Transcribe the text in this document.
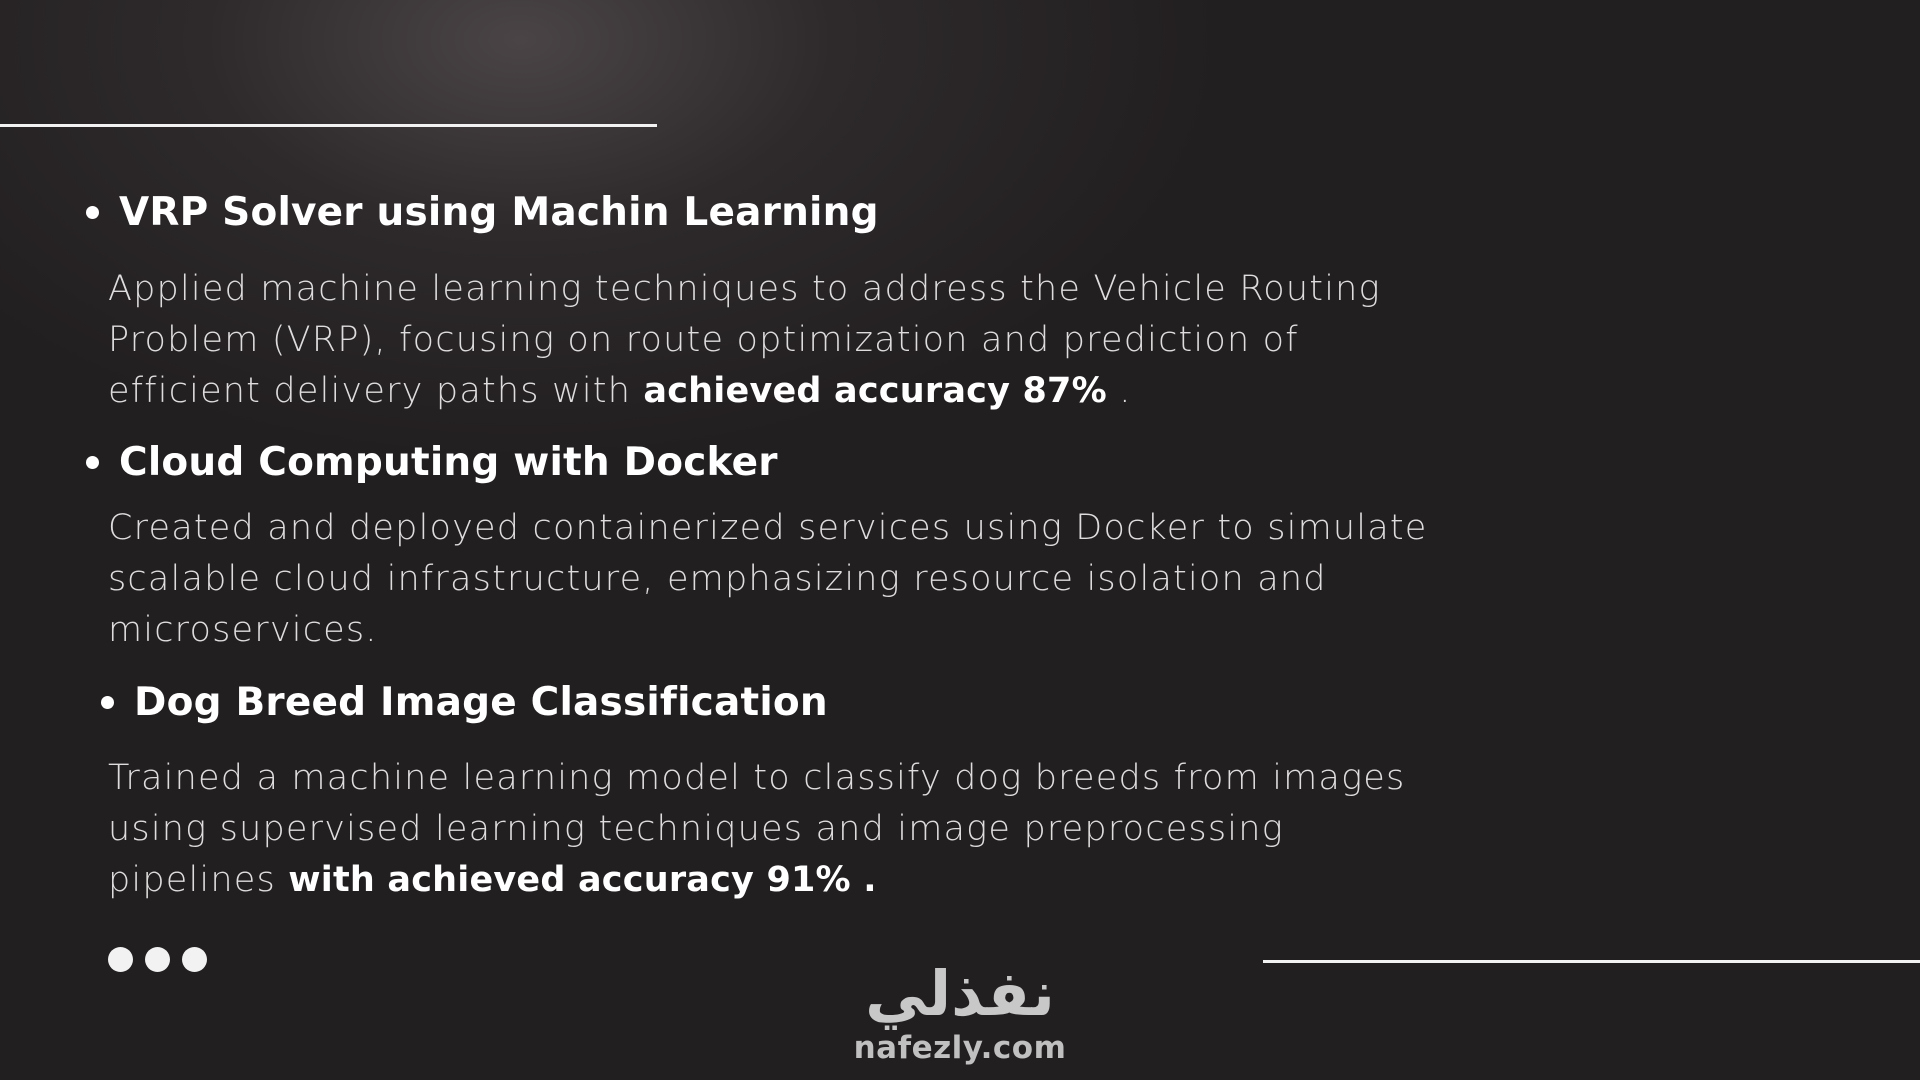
VRP Solver using Machin Learning
Applied machine learning techniques to address the Vehicle Routing Problem (VRP), focusing on route optimization and prediction of efficient delivery paths with achieved accuracy 87% .
Cloud Computing with Docker
Created and deployed containerized services using Docker to simulate scalable cloud infrastructure, emphasizing resource isolation and microservices.
Dog Breed Image Classification
Trained a machine learning model to classify dog breeds from images using supervised learning techniques and image preprocessing pipelines with achieved accuracy 91% .
نفذلي
nafezly.com
